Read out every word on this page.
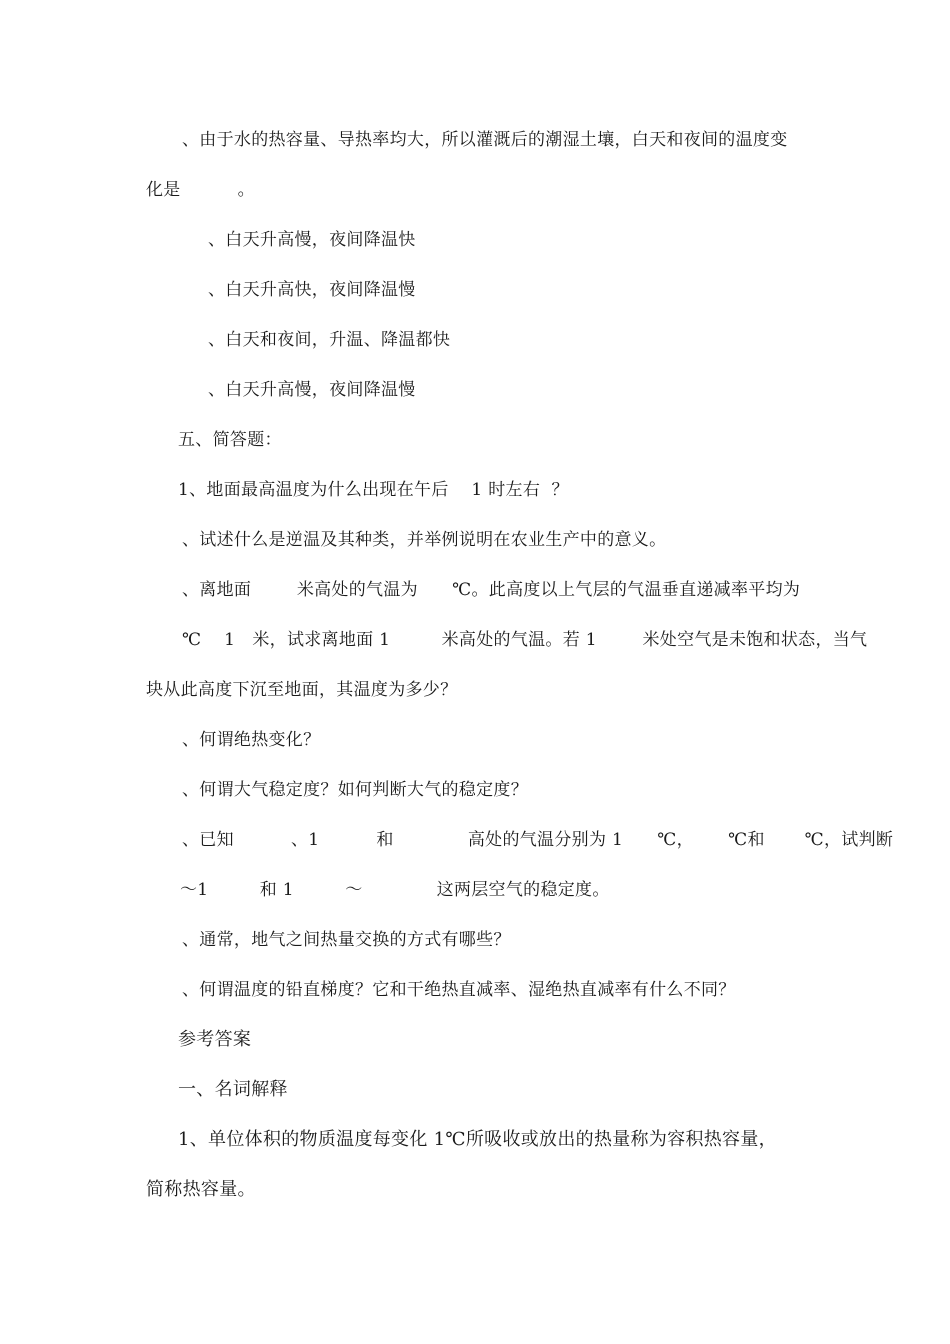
、由于水的热容量、导热率均大，所以灌溉后的潮湿土壤，白天和夜间的温度变
化是          。
、白天升高慢，夜间降温快
、白天升高快，夜间降温慢
、白天和夜间，升温、降温都快
、白天升高慢，夜间降温慢
五、简答题：
1、地面最高温度为什么出现在午后    1 时左右  ？
、试述什么是逆温及其种类，并举例说明在农业生产中的意义。
、离地面        米高处的气温为      ℃。此高度以上气层的气温垂直递减率平均为
℃    1   米，试求离地面 1         米高处的气温。若 1        米处空气是未饱和状态，当气
块从此高度下沉至地面，其温度为多少？
、何谓绝热变化？
、何谓大气稳定度？如何判断大气的稳定度？
、已知          、1          和             高处的气温分别为 1      ℃，      ℃和       ℃，试判断
～1         和 1         ～             这两层空气的稳定度。
、通常，地气之间热量交换的方式有哪些？
、何谓温度的铅直梯度？它和干绝热直减率、湿绝热直减率有什么不同？
参考答案
一、名词解释
1、单位体积的物质温度每变化 1℃所吸收或放出的热量称为容积热容量，
简称热容量。
